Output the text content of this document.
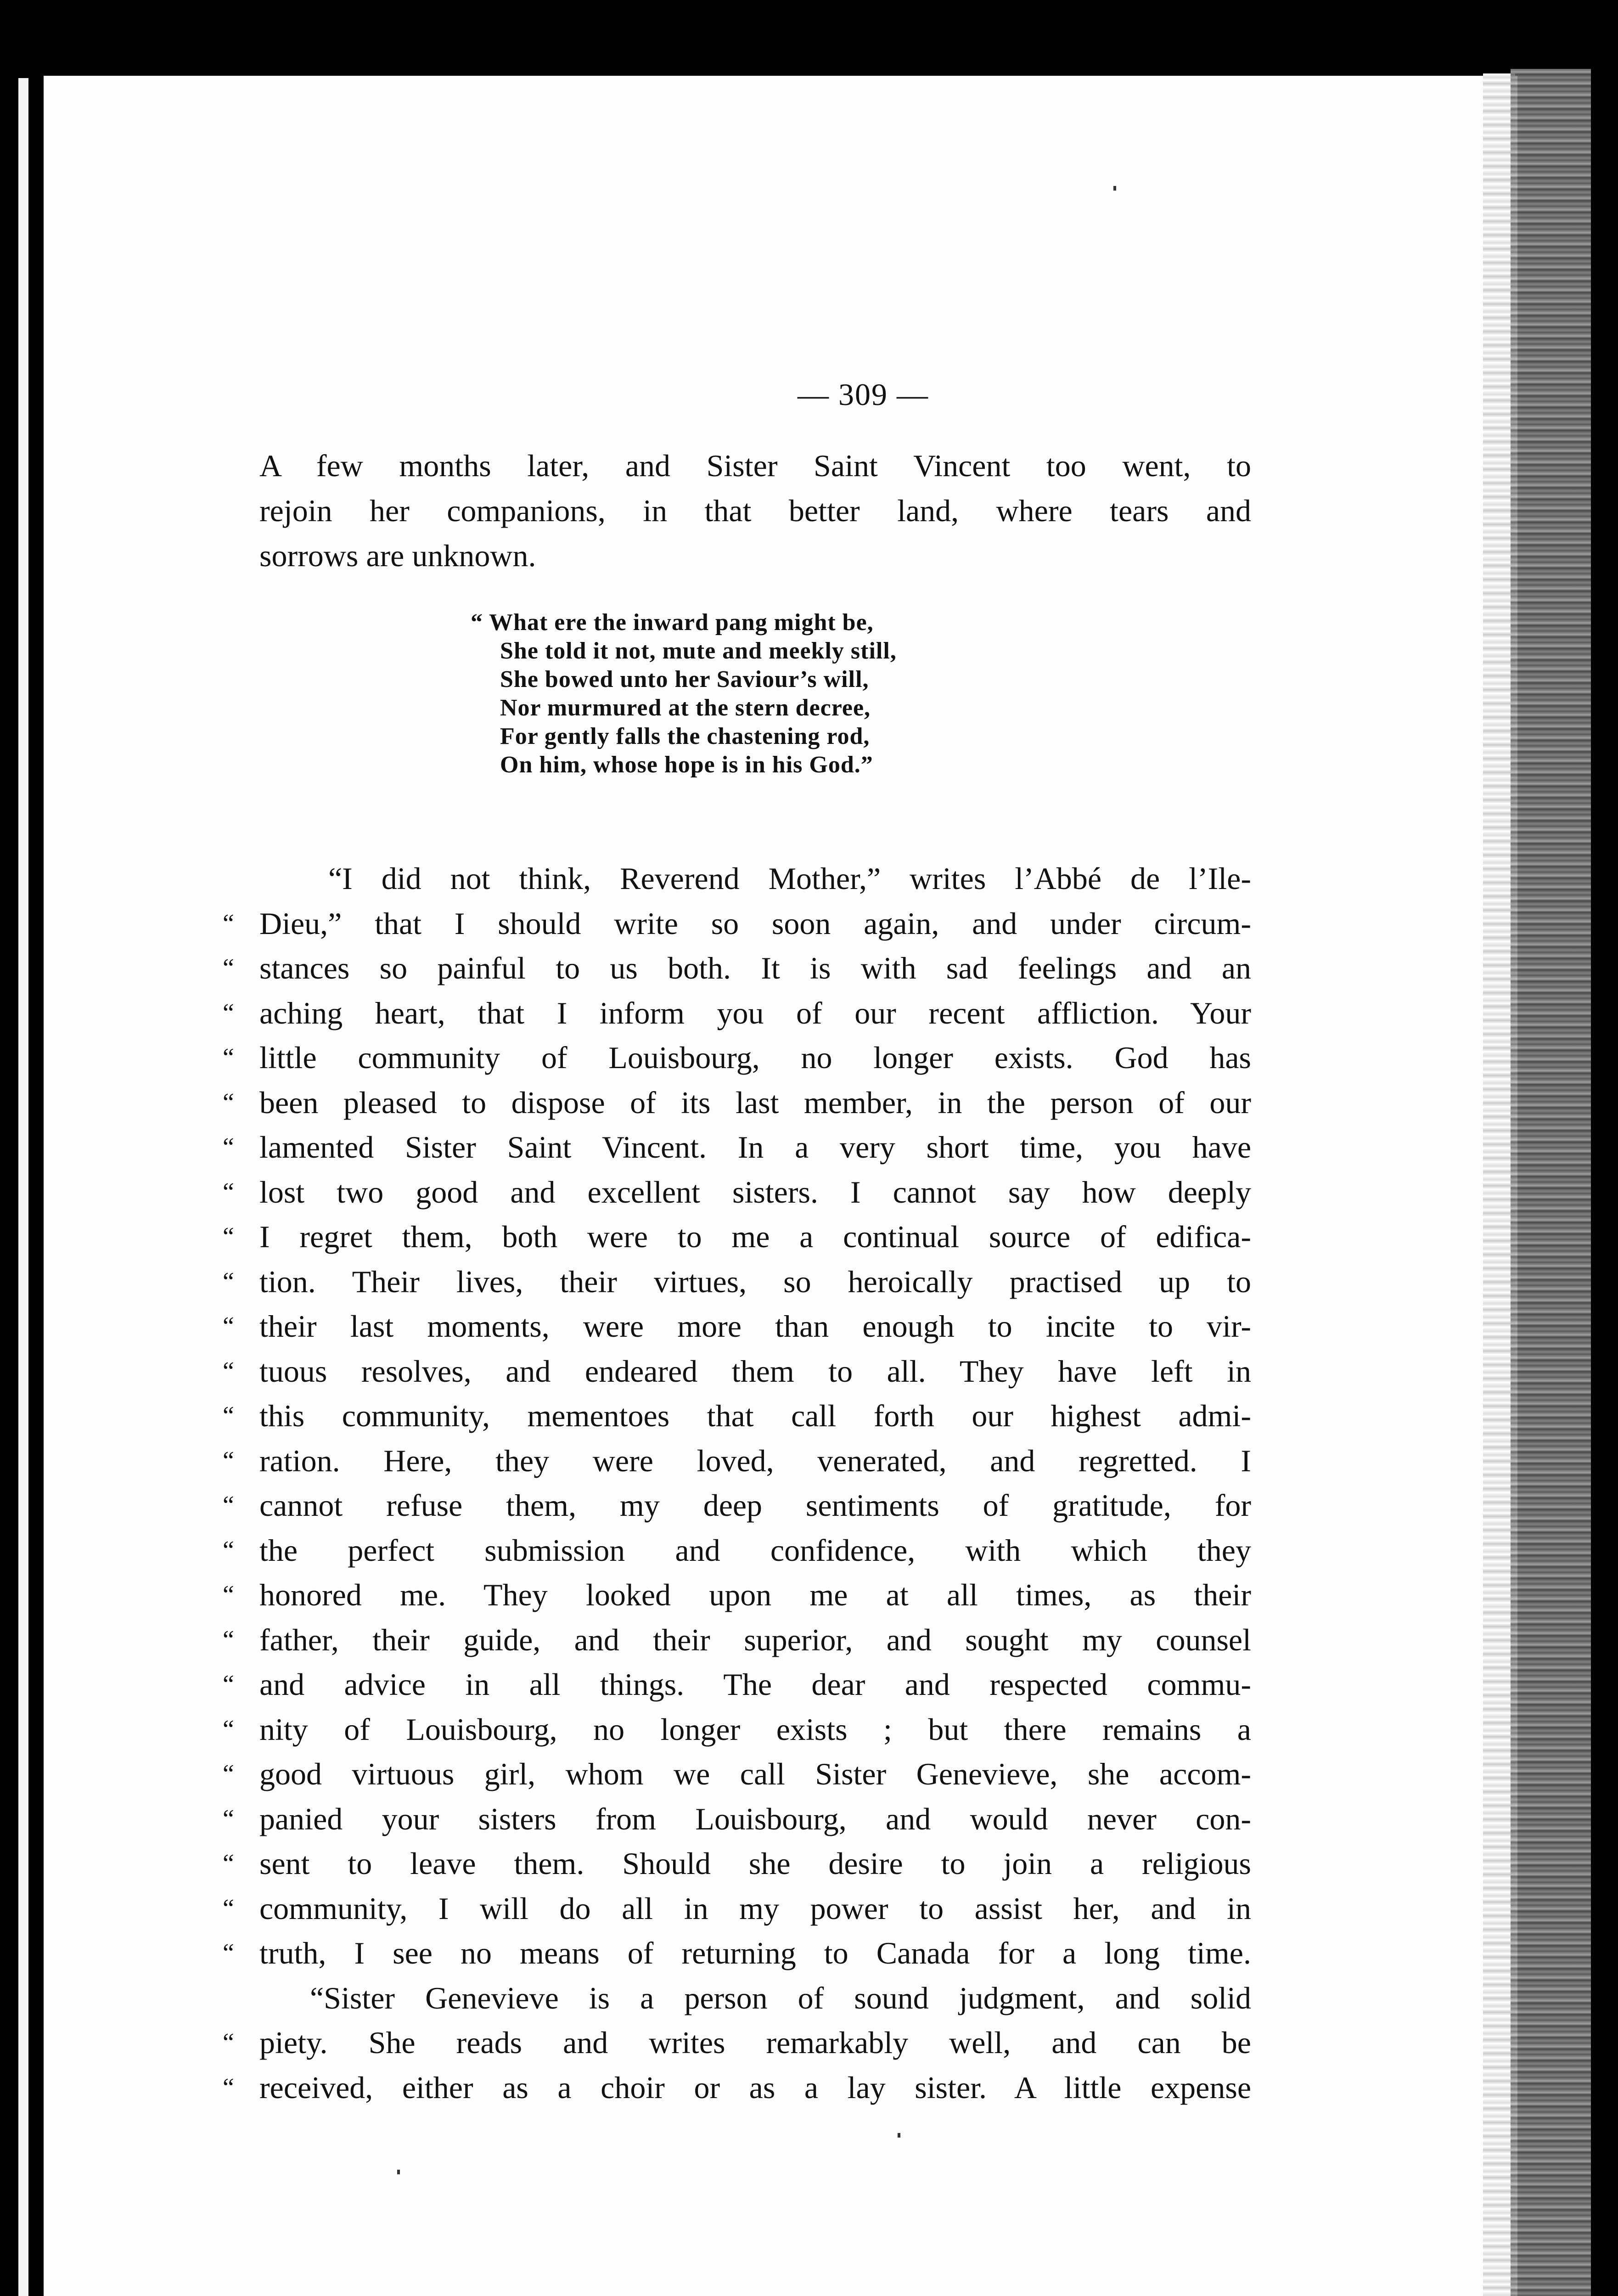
— 309 —
A few months later, and Sister Saint Vincent too went, to
rejoin her companions, in that better land, where tears and
sorrows are unknown.
“ What ere the inward pang might be,
She told it not, mute and meekly still,
She bowed unto her Saviour’s will,
Nor murmured at the stern decree,
For gently falls the chastening rod,
On him, whose hope is in his God.”
“I did not think, Reverend Mother,” writes l’Abbé de l’Ile-
“ Dieu,” that I should write so soon again, and under circum-
“ stances so painful to us both. It is with sad feelings and an
“ aching heart, that I inform you of our recent affliction. Your
“ little community of Louisbourg, no longer exists. God has
“ been pleased to dispose of its last member, in the person of our
“ lamented Sister Saint Vincent. In a very short time, you have
“ lost two good and excellent sisters. I cannot say how deeply
“ I regret them, both were to me a continual source of edifica-
“ tion. Their lives, their virtues, so heroically practised up to
“ their last moments, were more than enough to incite to vir-
“ tuous resolves, and endeared them to all. They have left in
“ this community, mementoes that call forth our highest admi-
“ ration. Here, they were loved, venerated, and regretted. I
“ cannot refuse them, my deep sentiments of gratitude, for
“ the perfect submission and confidence, with which they
“ honored me. They looked upon me at all times, as their
“ father, their guide, and their superior, and sought my counsel
“ and advice in all things. The dear and respected commu-
“ nity of Louisbourg, no longer exists ; but there remains a
“ good virtuous girl, whom we call Sister Genevieve, she accom-
“ panied your sisters from Louisbourg, and would never con-
“ sent to leave them. Should she desire to join a religious
“ community, I will do all in my power to assist her, and in
“ truth, I see no means of returning to Canada for a long time.
“Sister Genevieve is a person of sound judgment, and solid
“ piety. She reads and writes remarkably well, and can be
“ received, either as a choir or as a lay sister. A little expense
